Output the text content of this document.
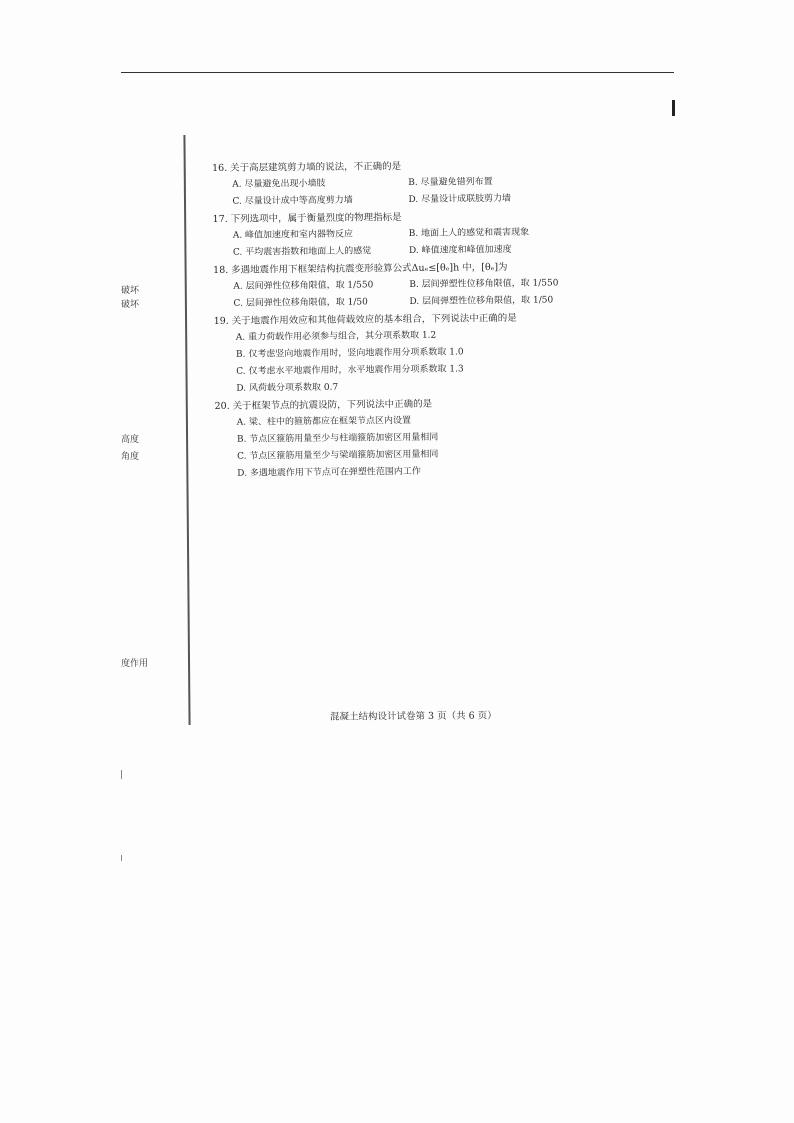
破坏
破坏
高度
角度
度作用
16. 关于高层建筑剪力墙的说法，不正确的是
A. 尽量避免出现小墙肢	B. 尽量避免错列布置
C. 尽量设计成中等高度剪力墙	D. 尽量设计成联肢剪力墙
17. 下列选项中，属于衡量烈度的物理指标是
A. 峰值加速度和室内器物反应	B. 地面上人的感觉和震害现象
C. 平均震害指数和地面上人的感觉	D. 峰值速度和峰值加速度
18. 多遇地震作用下框架结构抗震变形验算公式Δuₑ≤[θₑ]h 中，[θₑ]为
A. 层间弹性位移角限值，取 1/550	B. 层间弹塑性位移角限值，取 1/550
C. 层间弹性位移角限值，取 1/50	D. 层间弹塑性位移角限值，取 1/50
19. 关于地震作用效应和其他荷载效应的基本组合，下列说法中正确的是
A. 重力荷载作用必须参与组合，其分项系数取 1.2
B. 仅考虑竖向地震作用时，竖向地震作用分项系数取 1.0
C. 仅考虑水平地震作用时，水平地震作用分项系数取 1.3
D. 风荷载分项系数取 0.7
20. 关于框架节点的抗震设防，下列说法中正确的是
A. 梁、柱中的箍筋都应在框架节点区内设置
B. 节点区箍筋用量至少与柱端箍筋加密区用量相同
C. 节点区箍筋用量至少与梁端箍筋加密区用量相同
D. 多遇地震作用下节点可在弹塑性范围内工作
混凝土结构设计试卷第 3 页（共 6 页）
